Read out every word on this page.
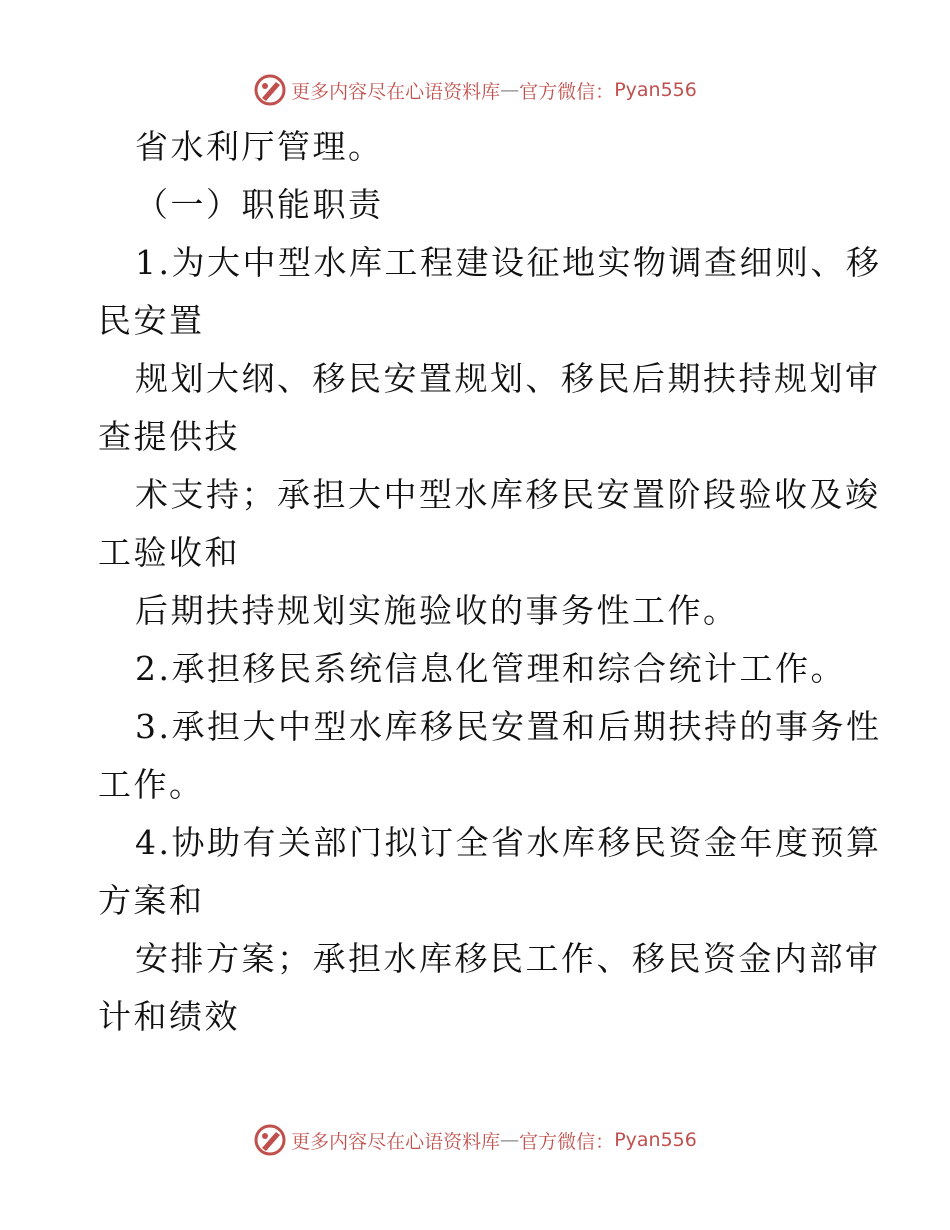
更多内容尽在心语资料库 — 官方微信： Pyan556
省水利厅管理。
（一）职能职责
1.为大中型水库工程建设征地实物调查细则、移
民安置
规划大纲、移民安置规划、移民后期扶持规划审
查提供技
术支持；承担大中型水库移民安置阶段验收及竣
工验收和
后期扶持规划实施验收的事务性工作。
2.承担移民系统信息化管理和综合统计工作。
3.承担大中型水库移民安置和后期扶持的事务性
工作。
4.协助有关部门拟订全省水库移民资金年度预算
方案和
安排方案；承担水库移民工作、移民资金内部审
计和绩效
更多内容尽在心语资料库 — 官方微信： Pyan556
